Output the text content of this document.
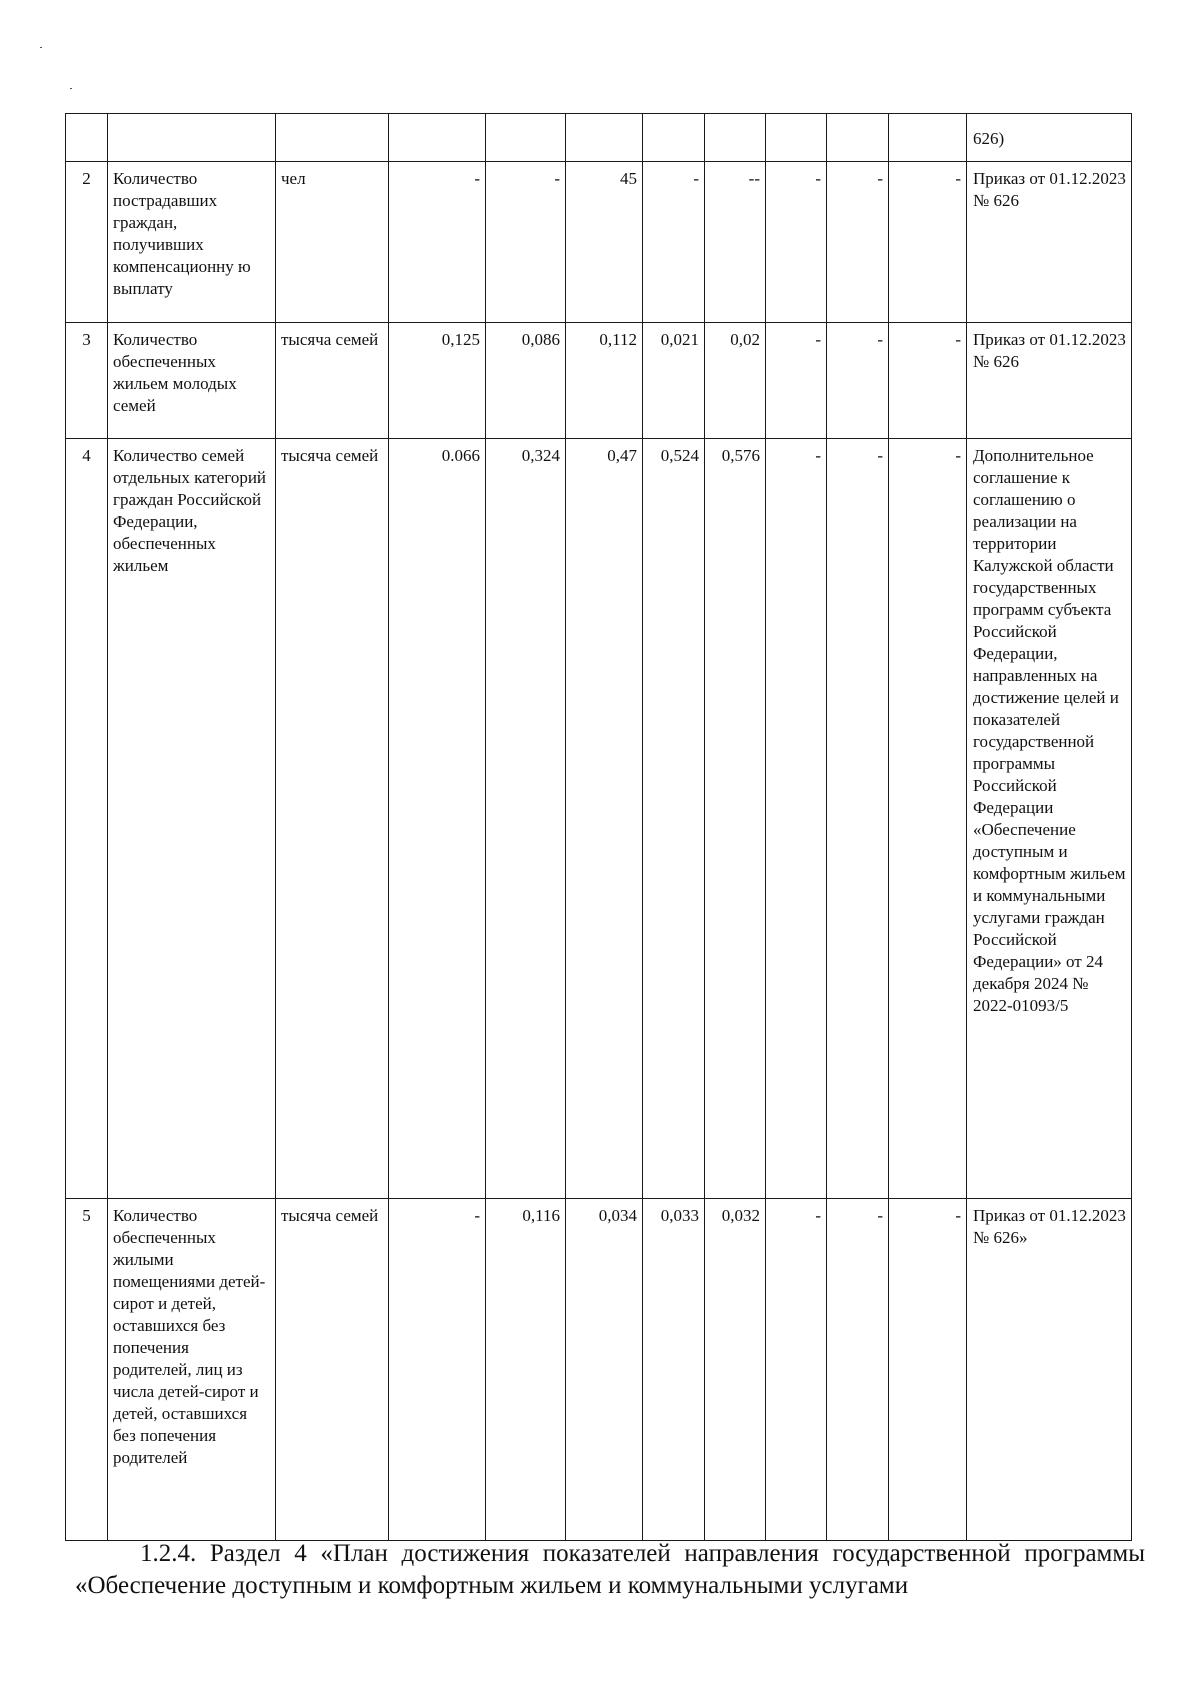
											626)
2	Количество пострадавших граждан, получивших компенсационну ю выплату	чел	-	-	45	-	--	-	-	-	Приказ от 01.12.2023 № 626
3	Количество обеспеченных жильем молодых семей	тысяча семей	0,125	0,086	0,112	0,021	0,02	-	-	-	Приказ от 01.12.2023 № 626
4	Количество семей отдельных категорий граждан Российской Федерации, обеспеченных жильем	тысяча семей	0.066	0,324	0,47	0,524	0,576	-	-	-	Дополнительное соглашение к соглашению о реализации на территории Калужской области государственных программ субъекта Российской Федерации, направленных на достижение целей и показателей государственной программы Российской Федерации «Обеспечение доступным и комфортным жильем и коммунальными услугами граждан Российской Федерации» от 24 декабря 2024 № 2022-01093/5
5	Количество обеспеченных жилыми помещениями детей-сирот и детей, оставшихся без попечения родителей, лиц из числа детей-сирот и детей, оставшихся без попечения родителей	тысяча семей	-	0,116	0,034	0,033	0,032	-	-	-	Приказ от 01.12.2023 № 626»

1.2.4. Раздел 4 «План достижения показателей направления государственной программы «Обеспечение доступным и комфортным жильем и коммунальными услугами
